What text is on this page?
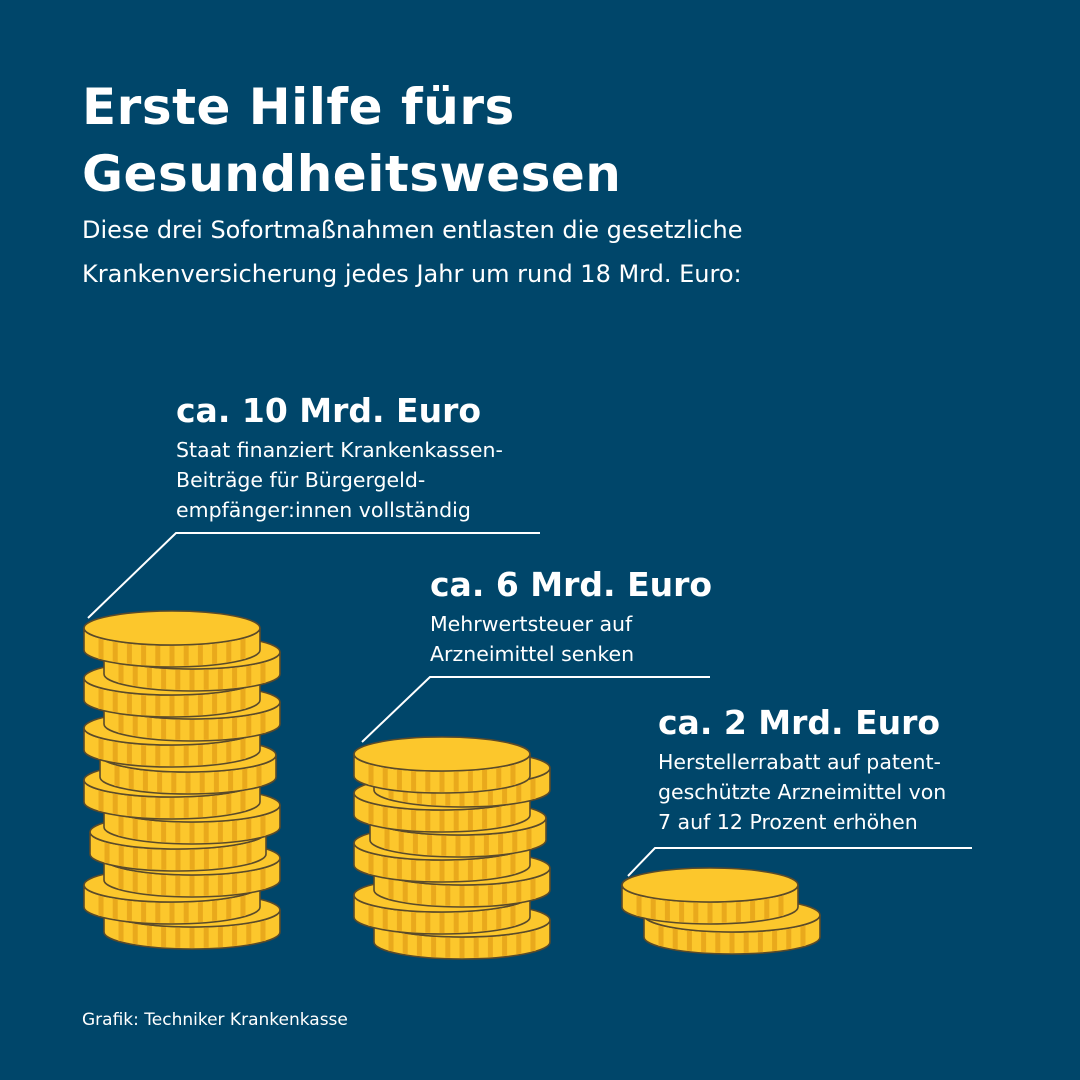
Erste Hilfe fürs
Gesundheitswesen
Diese drei Sofortmaßnahmen entlasten die gesetzliche
Krankenversicherung jedes Jahr um rund 18 Mrd. Euro:
ca. 10 Mrd. Euro
Staat finanziert Krankenkassen-
Beiträge für Bürgergeld-
empfänger:innen vollständig
ca. 6 Mrd. Euro
Mehrwertsteuer auf
Arzneimittel senken
ca. 2 Mrd. Euro
Herstellerrabatt auf patent-
geschützte Arzneimittel von
7 auf 12 Prozent erhöhen
Grafik: Techniker Krankenkasse
